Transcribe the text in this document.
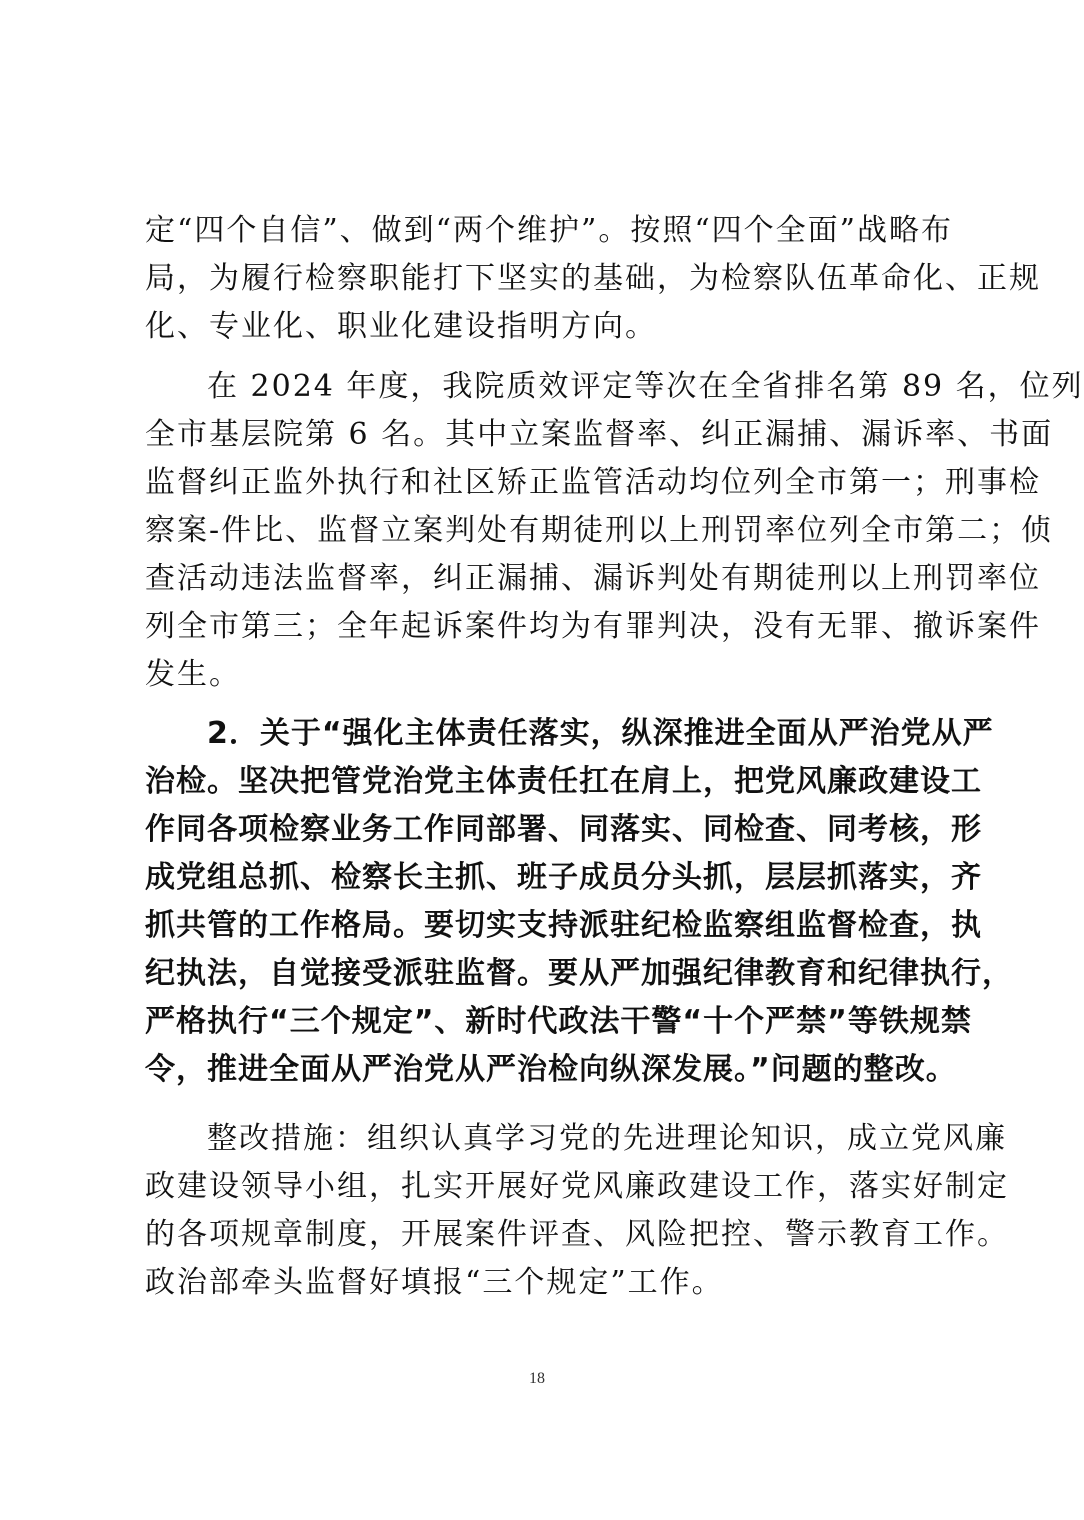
定“四个自信”、做到“两个维护”。按照“四个全面”战略布
局，为履行检察职能打下坚实的基础，为检察队伍革命化、正规
化、专业化、职业化建设指明方向。
在 2024 年度，我院质效评定等次在全省排名第 89 名，位列
全市基层院第 6 名。其中立案监督率、纠正漏捕、漏诉率、书面
监督纠正监外执行和社区矫正监管活动均位列全市第一；刑事检
察案-件比、监督立案判处有期徒刑以上刑罚率位列全市第二；侦
查活动违法监督率，纠正漏捕、漏诉判处有期徒刑以上刑罚率位
列全市第三；全年起诉案件均为有罪判决，没有无罪、撤诉案件
发生。
2．关于“强化主体责任落实，纵深推进全面从严治党从严
治检。坚决把管党治党主体责任扛在肩上，把党风廉政建设工
作同各项检察业务工作同部署、同落实、同检查、同考核，形
成党组总抓、检察长主抓、班子成员分头抓，层层抓落实，齐
抓共管的工作格局。要切实支持派驻纪检监察组监督检查，执
纪执法，自觉接受派驻监督。要从严加强纪律教育和纪律执行，
严格执行“三个规定”、新时代政法干警“十个严禁”等铁规禁
令，推进全面从严治党从严治检向纵深发展。”问题的整改。
整改措施：组织认真学习党的先进理论知识，成立党风廉
政建设领导小组，扎实开展好党风廉政建设工作，落实好制定
的各项规章制度，开展案件评查、风险把控、警示教育工作。
政治部牵头监督好填报“三个规定”工作。
18
